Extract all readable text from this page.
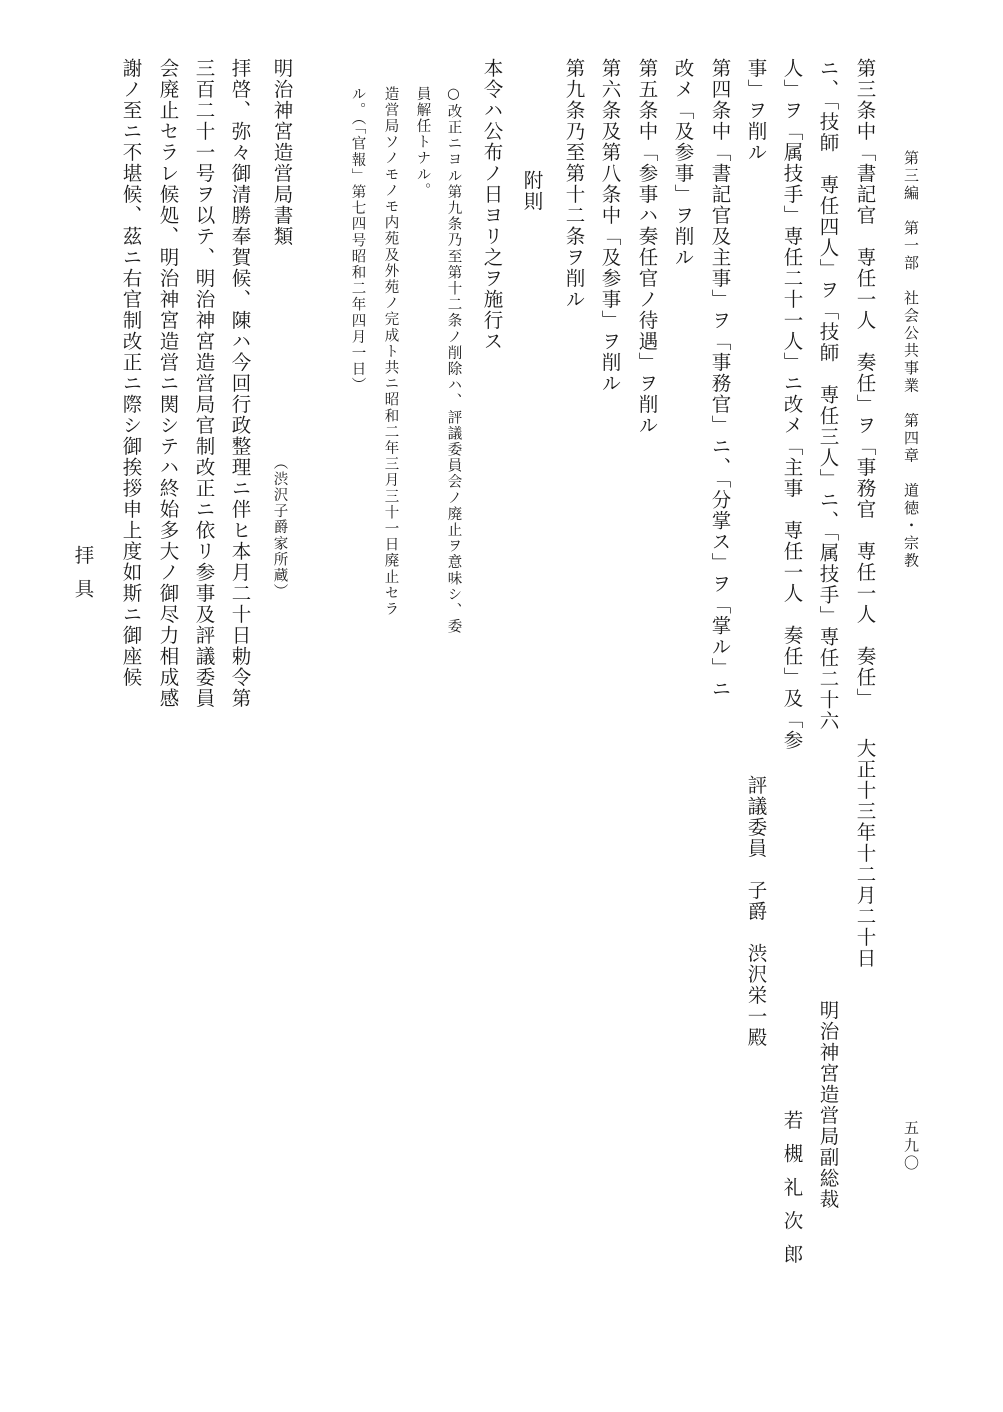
第三編　第一部　社会公共事業　第四章　道徳・宗教
五九〇
第三条中「書記官　専任一人　奏任」ヲ「事務官　専任一人　奏任」
ニ、「技師　専任四人」ヲ「技師　専任三人」ニ、「属技手」専任二十六
人」ヲ「属技手」専任二十一人」ニ改メ「主事　専任一人　奏任」及「参
事」ヲ削ル
第四条中「書記官及主事」ヲ「事務官」ニ、「分掌ス」ヲ「掌ル」ニ
改メ「及参事」ヲ削ル
第五条中「参事ハ奏任官ノ待遇」ヲ削ル
第六条及第八条中「及参事」ヲ削ル
第九条乃至第十二条ヲ削ル
附則
本令ハ公布ノ日ヨリ之ヲ施行ス
○改正ニヨル第九条乃至第十二条ノ削除ハ、評議委員会ノ廃止ヲ意味シ、委
員解任トナル。
造営局ソノモノモ内苑及外苑ノ完成ト共ニ昭和二年三月三十一日廃止セラ
ル。（「官報」第七四号昭和二年四月一日）
明治神宮造営局書類
（渋沢子爵家所蔵）
拝啓、弥々御清勝奉賀候、陳ハ今回行政整理ニ伴ヒ本月二十日勅令第
三百二十一号ヲ以テ、明治神宮造営局官制改正ニ依リ参事及評議委員
会廃止セラレ候処、明治神宮造営ニ関シテハ終始多大ノ御尽力相成感
謝ノ至ニ不堪候、茲ニ右官制改正ニ際シ御挨拶申上度如斯ニ御座候
拝具
大正十三年十二月二十日
明治神宮造営局副総裁
若槻礼次郎
評議委員　子爵　渋沢栄一殿
